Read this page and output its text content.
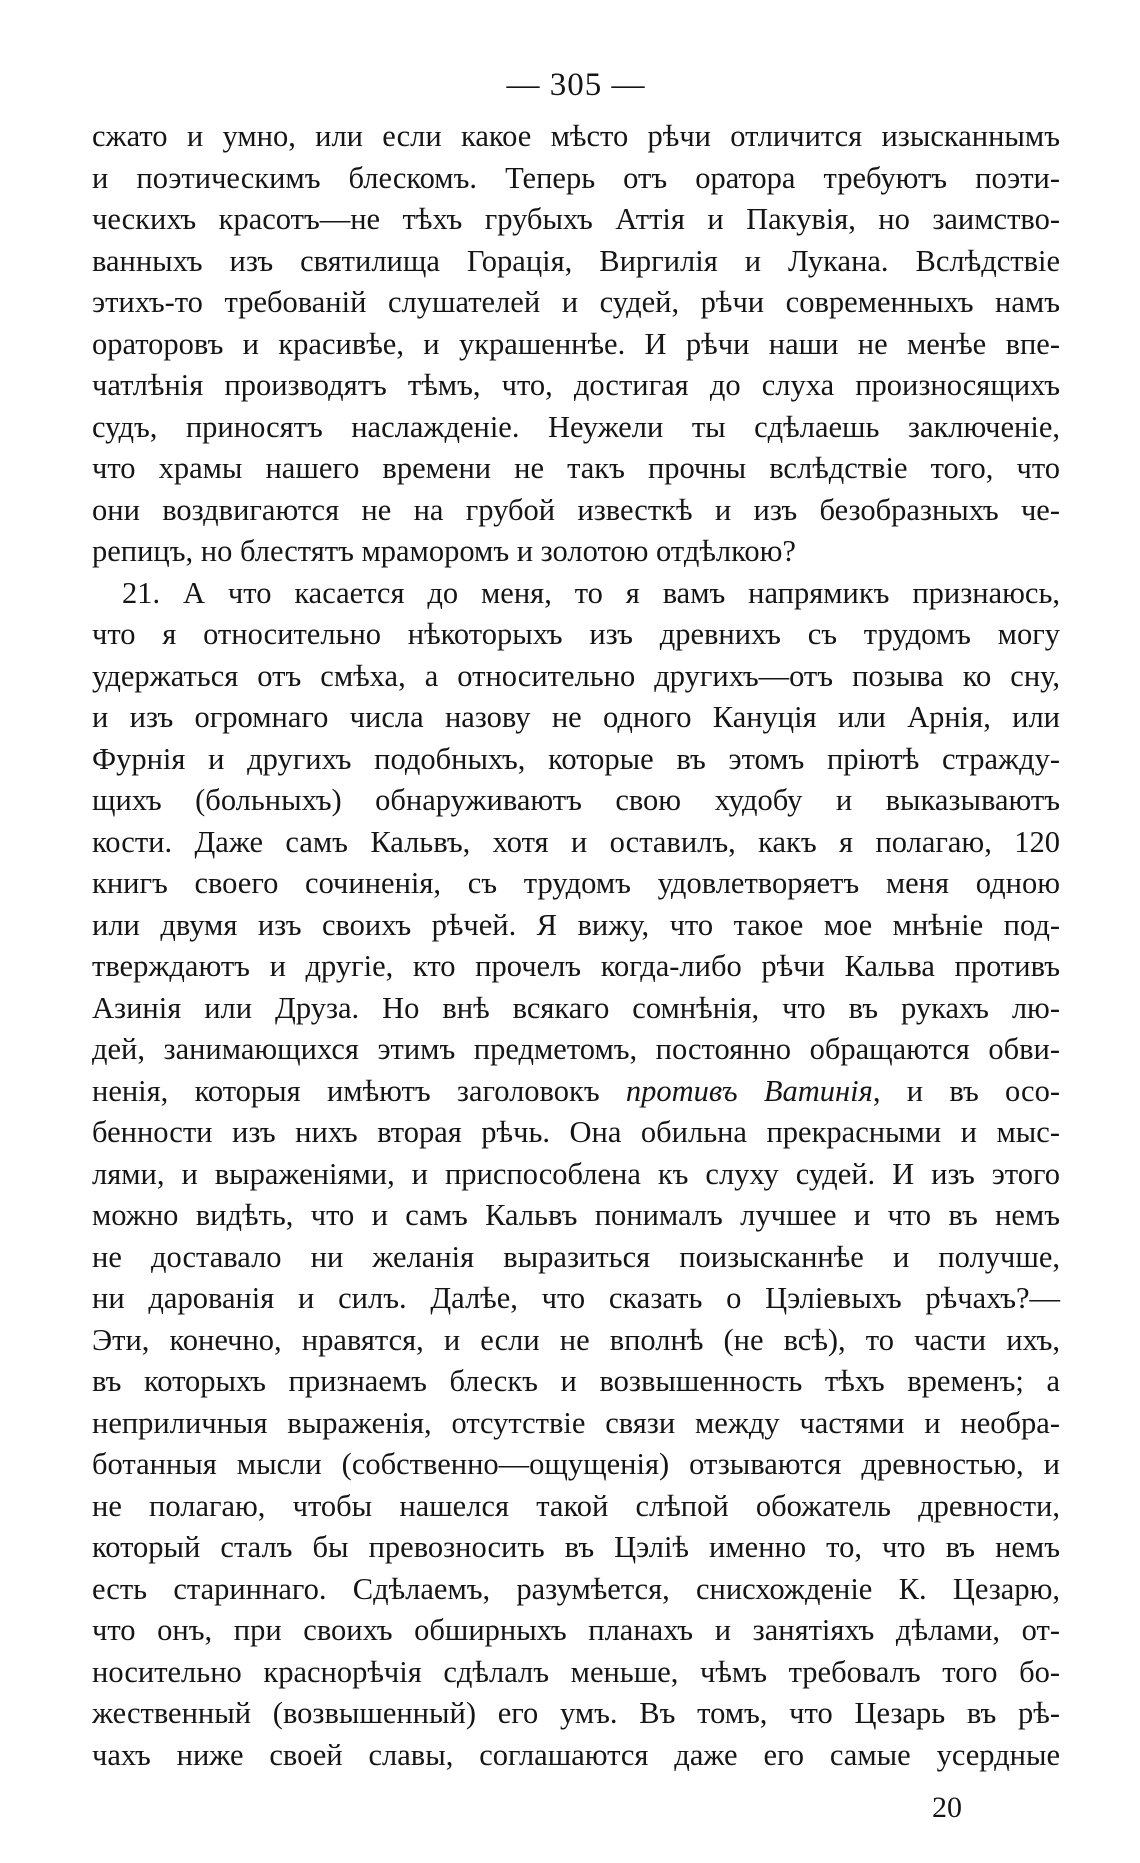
— 305 —
сжато и умно, или если какое мѣсто рѣчи отличится изысканнымъ
и поэтическимъ блескомъ. Теперь отъ оратора требуютъ поэти-
ческихъ красотъ—не тѣхъ грубыхъ Аттія и Пакувія, но заимство-
ванныхъ изъ святилища Горація, Виргилія и Лукана. Вслѣдствіе
этихъ-то требованій слушателей и судей, рѣчи современныхъ намъ
ораторовъ и красивѣе, и украшеннѣе. И рѣчи наши не менѣе впе-
чатлѣнія производятъ тѣмъ, что, достигая до слуха произносящихъ
судъ, приносятъ наслажденіе. Неужели ты сдѣлаешь заключеніе,
что храмы нашего времени не такъ прочны вслѣдствіе того, что
они воздвигаются не на грубой известкѣ и изъ безобразныхъ че-
репицъ, но блестятъ мраморомъ и золотою отдѣлкою?
21. А что касается до меня, то я вамъ напрямикъ признаюсь,
что я относительно нѣкоторыхъ изъ древнихъ съ трудомъ могу
удержаться отъ смѣха, а относительно другихъ—отъ позыва ко сну,
и изъ огромнаго числа назову не одного Кануція или Арнія, или
Фурнія и другихъ подобныхъ, которые въ этомъ пріютѣ стражду-
щихъ (больныхъ) обнаруживаютъ свою худобу и выказываютъ
кости. Даже самъ Кальвъ, хотя и оставилъ, какъ я полагаю, 120
книгъ своего сочиненія, съ трудомъ удовлетворяетъ меня одною
или двумя изъ своихъ рѣчей. Я вижу, что такое мое мнѣніе под-
тверждаютъ и другіе, кто прочелъ когда-либо рѣчи Кальва противъ
Азинія или Друза. Но внѣ всякаго сомнѣнія, что въ рукахъ лю-
дей, занимающихся этимъ предметомъ, постоянно обращаются обви-
ненія, которыя имѣютъ заголовокъ противъ Ватинія, и въ осо-
бенности изъ нихъ вторая рѣчь. Она обильна прекрасными и мыс-
лями, и выраженіями, и приспособлена къ слуху судей. И изъ этого
можно видѣть, что и самъ Кальвъ понималъ лучшее и что въ немъ
не доставало ни желанія выразиться поизысканнѣе и получше,
ни дарованія и силъ. Далѣе, что сказать о Цэліевыхъ рѣчахъ?—
Эти, конечно, нравятся, и если не вполнѣ (не всѣ), то части ихъ,
въ которыхъ признаемъ блескъ и возвышенность тѣхъ временъ; а
неприличныя выраженія, отсутствіе связи между частями и необра-
ботанныя мысли (собственно—ощущенія) отзываются древностью, и
не полагаю, чтобы нашелся такой слѣпой обожатель древности,
который сталъ бы превозносить въ Цэліѣ именно то, что въ немъ
есть стариннаго. Сдѣлаемъ, разумѣется, снисхожденіе К. Цезарю,
что онъ, при своихъ обширныхъ планахъ и занятіяхъ дѣлами, от-
носительно краснорѣчія сдѣлалъ меньше, чѣмъ требовалъ того бо-
жественный (возвышенный) его умъ. Въ томъ, что Цезарь въ рѣ-
чахъ ниже своей славы, соглашаются даже его самые усердные
20
